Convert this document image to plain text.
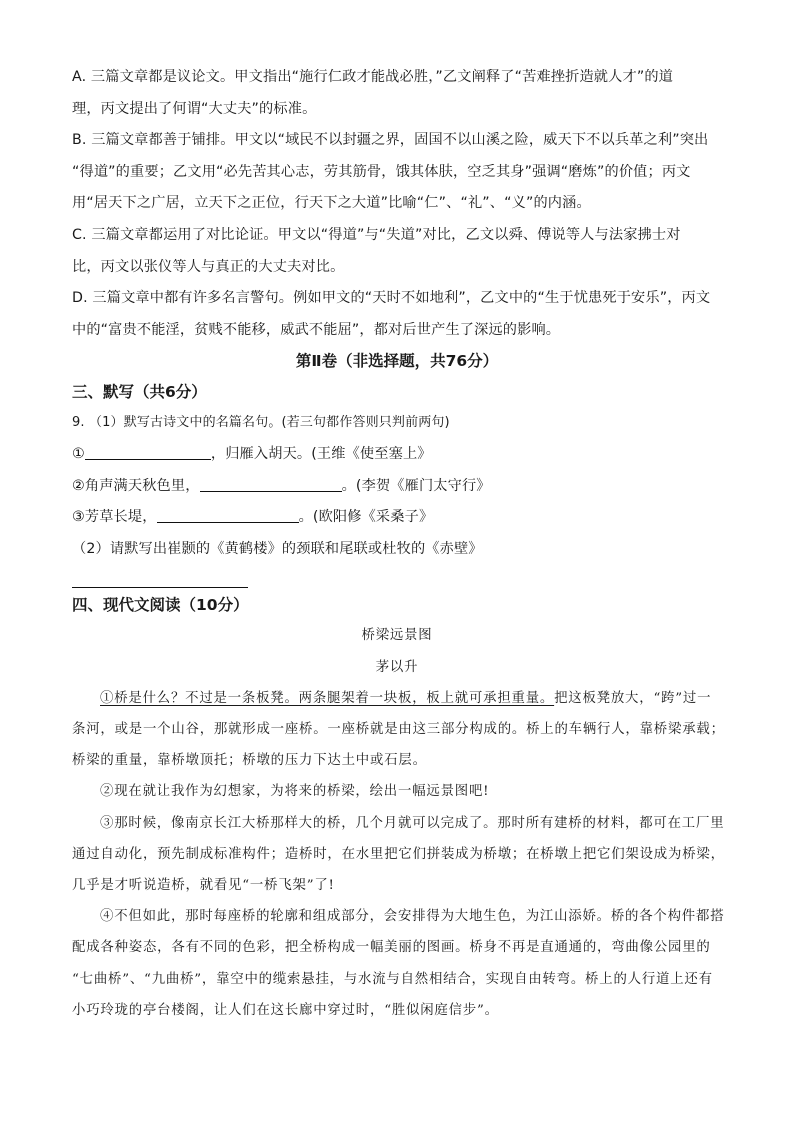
A. 三篇文章都是议论文。甲文指出“施行仁政才能战必胜，”乙文阐释了“苦难挫折造就人才”的道
理，丙文提出了何谓“大丈夫”的标准。
B. 三篇文章都善于铺排。甲文以“域民不以封疆之界，固国不以山溪之险，威天下不以兵革之利”突出
“得道”的重要；乙文用“必先苦其心志，劳其筋骨，饿其体肤，空乏其身”强调“磨炼”的价值；丙文
用“居天下之广居，立天下之正位，行天下之大道”比喻“仁”、“礼”、“义”的内涵。
C. 三篇文章都运用了对比论证。甲文以“得道”与“失道”对比，乙文以舜、傅说等人与法家拂士对
比，丙文以张仪等人与真正的大丈夫对比。
D. 三篇文章中都有许多名言警句。例如甲文的“天时不如地利”，乙文中的“生于忧患死于安乐”，丙文
中的“富贵不能淫，贫贱不能移，威武不能屈”，都对后世产生了深远的影响。
第Ⅱ卷（非选择题，共76分）
三、默写（共6分）
9. （1）默写古诗文中的名篇名句。(若三句都作答则只判前两句)
①	，归雁入胡天。(王维《使至塞上》
②角声满天秋色里，	。(李贺《雁门太守行》
③芳草长堤，	。(欧阳修《采桑子》
（2）请默写出崔颢的《黄鹤楼》的颈联和尾联或杜牧的《赤壁》
四、现代文阅读（10分）
桥梁远景图
茅以升
①桥是什么？不过是一条板凳。两条腿架着一块板，板上就可承担重量。把这板凳放大，“跨”过一
条河，或是一个山谷，那就形成一座桥。一座桥就是由这三部分构成的。桥上的车辆行人，靠桥梁承载；
桥梁的重量，靠桥墩顶托；桥墩的压力下达土中或石层。
②现在就让我作为幻想家，为将来的桥梁，绘出一幅远景图吧!
③那时候，像南京长江大桥那样大的桥，几个月就可以完成了。那时所有建桥的材料，都可在工厂里
通过自动化，预先制成标准构件；造桥时，在水里把它们拼装成为桥墩；在桥墩上把它们架设成为桥梁，
几乎是才听说造桥，就看见“一桥飞架”了!
④不但如此，那时每座桥的轮廓和组成部分，会安排得为大地生色，为江山添娇。桥的各个构件都搭
配成各种姿态，各有不同的色彩，把全桥构成一幅美丽的图画。桥身不再是直通通的，弯曲像公园里的
“七曲桥”、“九曲桥”，靠空中的缆索悬挂，与水流与自然相结合，实现自由转弯。桥上的人行道上还有
小巧玲珑的亭台楼阁，让人们在这长廊中穿过时，“胜似闲庭信步”。
